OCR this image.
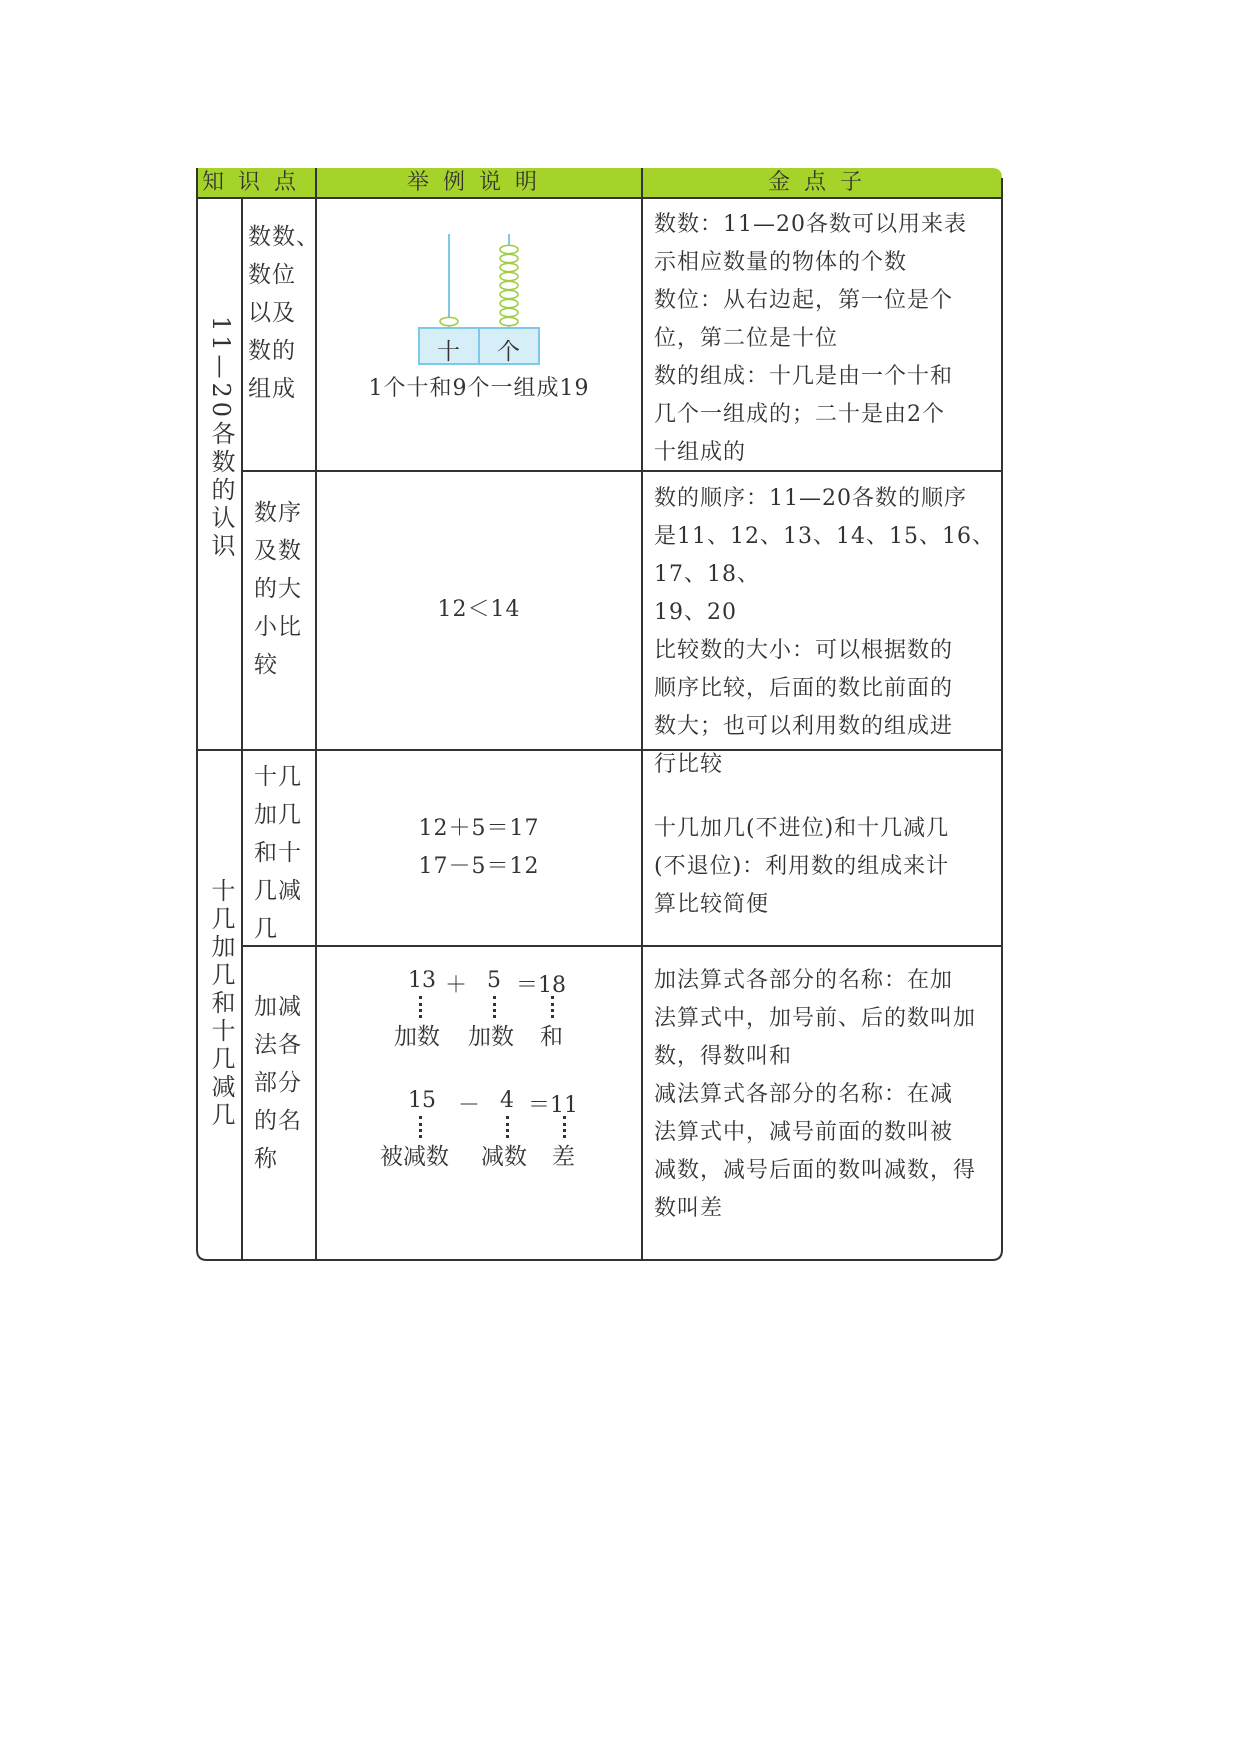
知识点	举例说明	金点子
11—20各数的认识
十几加几和十几减几
数数、
数位
以及
数的
组成
十 个
1个十和9个一组成19
数数：11—20各数可以用来表
示相应数量的物体的个数
数位：从右边起，第一位是个
位，第二位是十位
数的组成：十几是由一个十和
几个一组成的；二十是由2个
十组成的
数序
及数
的大
小比
较
12＜14
数的顺序：11—20各数的顺序
是11、12、13、14、15、16、17、18、
19、20
比较数的大小：可以根据数的
顺序比较，后面的数比前面的
数大；也可以利用数的组成进
行比较
十几
加几
和十
几减
几
12＋5＝17
17－5＝12
十几加几(不进位)和十几减几
(不退位)：利用数的组成来计
算比较简便
加减
法各
部分
的名
称
13 ＋ 5 ＝18
加数 加数 和
15 － 4 ＝11
被减数 减数 差
加法算式各部分的名称：在加
法算式中，加号前、后的数叫加
数，得数叫和
减法算式各部分的名称：在减
法算式中，减号前面的数叫被
减数，减号后面的数叫减数，得
数叫差
